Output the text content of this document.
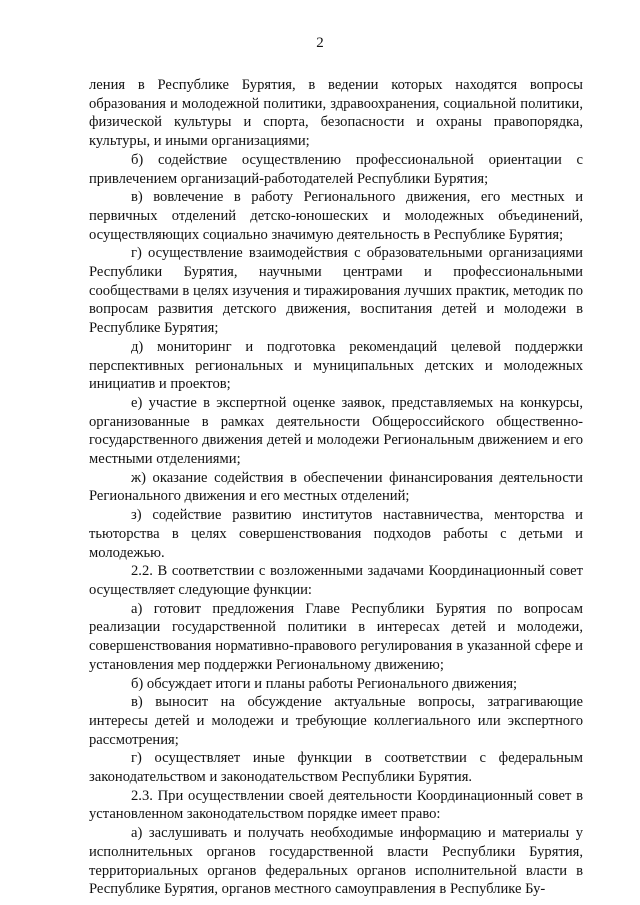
2

ления в Республике Бурятия, в ведении которых находятся вопросы образования и молодежной политики, здравоохранения, социальной политики, физической культуры и спорта, безопасности и охраны правопорядка, культуры, и иными организациями;

б) содействие осуществлению профессиональной ориентации с привлечением организаций-работодателей Республики Бурятия;

в) вовлечение в работу Регионального движения, его местных и первичных отделений детско-юношеских и молодежных объединений, осуществляющих социально значимую деятельность в Республике Бурятия;

г) осуществление взаимодействия с образовательными организациями Республики Бурятия, научными центрами и профессиональными сообществами в целях изучения и тиражирования лучших практик, методик по вопросам развития детского движения, воспитания детей и молодежи в Республике Бурятия;

д) мониторинг и подготовка рекомендаций целевой поддержки перспективных региональных и муниципальных детских и молодежных инициатив и проектов;

е) участие в экспертной оценке заявок, представляемых на конкурсы, организованные в рамках деятельности Общероссийского общественно-государственного движения детей и молодежи Региональным движением и его местными отделениями;

ж) оказание содействия в обеспечении финансирования деятельности Регионального движения и его местных отделений;

з) содействие развитию институтов наставничества, менторства и тьюторства в целях совершенствования подходов работы с детьми и молодежью.

2.2. В соответствии с возложенными задачами Координационный совет осуществляет следующие функции:

а) готовит предложения Главе Республики Бурятия по вопросам реализации государственной политики в интересах детей и молодежи, совершенствования нормативно-правового регулирования в указанной сфере и установления мер поддержки Региональному движению;

б) обсуждает итоги и планы работы Регионального движения;

в) выносит на обсуждение актуальные вопросы, затрагивающие интересы детей и молодежи и требующие коллегиального или экспертного рассмотрения;

г) осуществляет иные функции в соответствии с федеральным законодательством и законодательством Республики Бурятия.

2.3. При осуществлении своей деятельности Координационный совет в установленном законодательством порядке имеет право:

а) заслушивать и получать необходимые информацию и материалы у исполнительных органов государственной власти Республики Бурятия, территориальных органов федеральных органов исполнительной власти в Республике Бурятия, органов местного самоуправления в Республике Бу-
